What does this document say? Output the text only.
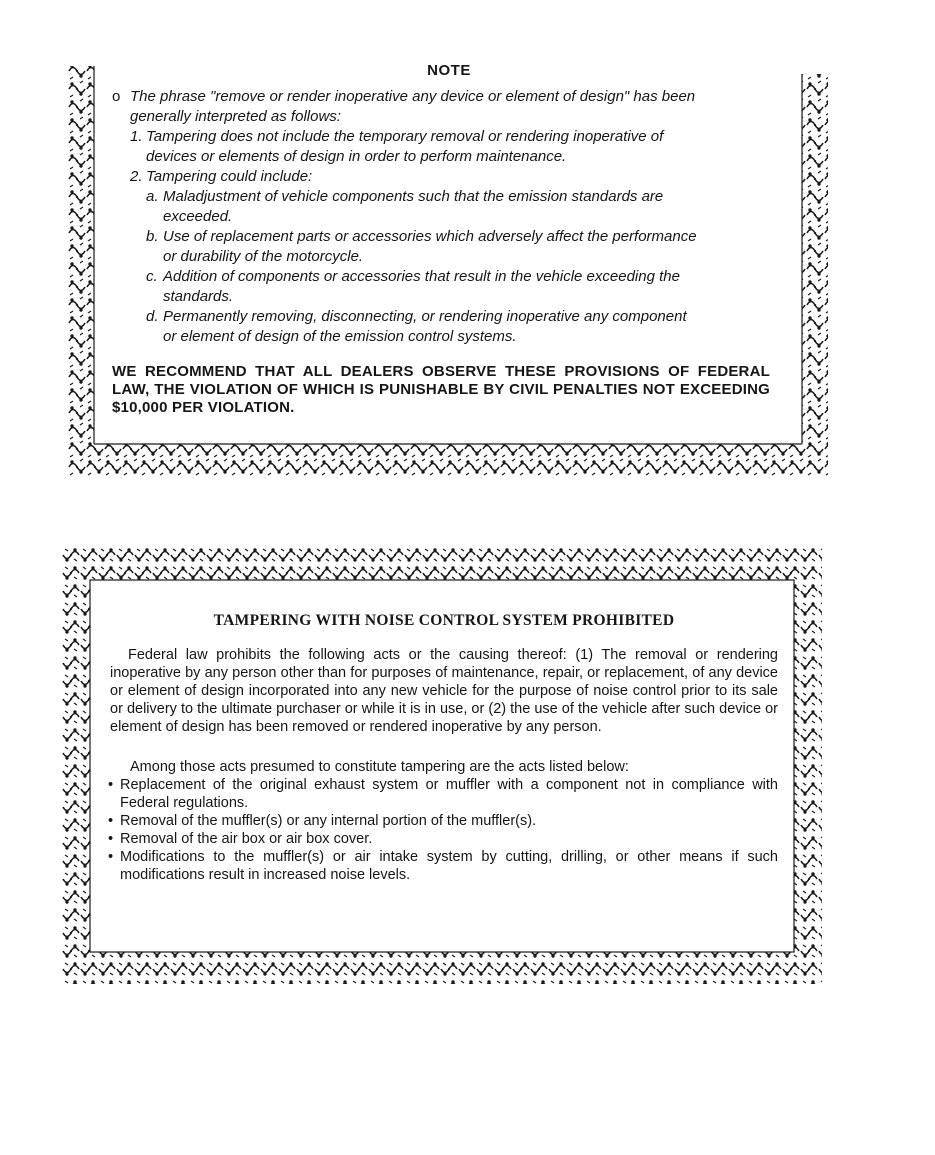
NOTE
o The phrase "remove or render inoperative any device or element of design" has been
generally interpreted as follows:
1. Tampering does not include the temporary removal or rendering inoperative of
devices or elements of design in order to perform maintenance.
2. Tampering could include:
a. Maladjustment of vehicle components such that the emission standards are
exceeded.
b. Use of replacement parts or accessories which adversely affect the performance
or durability of the motorcycle.
c. Addition of components or accessories that result in the vehicle exceeding the
standards.
d. Permanently removing, disconnecting, or rendering inoperative any component
or element of design of the emission control systems.
WE RECOMMEND THAT ALL DEALERS OBSERVE THESE PROVISIONS OF FEDERAL LAW, THE VIOLATION OF WHICH IS PUNISHABLE BY CIVIL PENALTIES NOT EXCEEDING $10,000 PER VIOLATION.
TAMPERING WITH NOISE CONTROL SYSTEM PROHIBITED

Federal law prohibits the following acts or the causing thereof: (1) The removal or rendering inoperative by any person other than for purposes of maintenance, repair, or replacement, of any device or element of design incorporated into any new vehicle for the purpose of noise control prior to its sale or delivery to the ultimate purchaser or while it is in use, or (2) the use of the vehicle after such device or element of design has been removed or rendered inoperative by any person.

Among those acts presumed to constitute tampering are the acts listed below:

• Replacement of the original exhaust system or muffler with a component not in compliance with Federal regulations.
• Removal of the muffler(s) or any internal portion of the muffler(s).
• Removal of the air box or air box cover.
• Modifications to the muffler(s) or air intake system by cutting, drilling, or other means if such modifications result in increased noise levels.
